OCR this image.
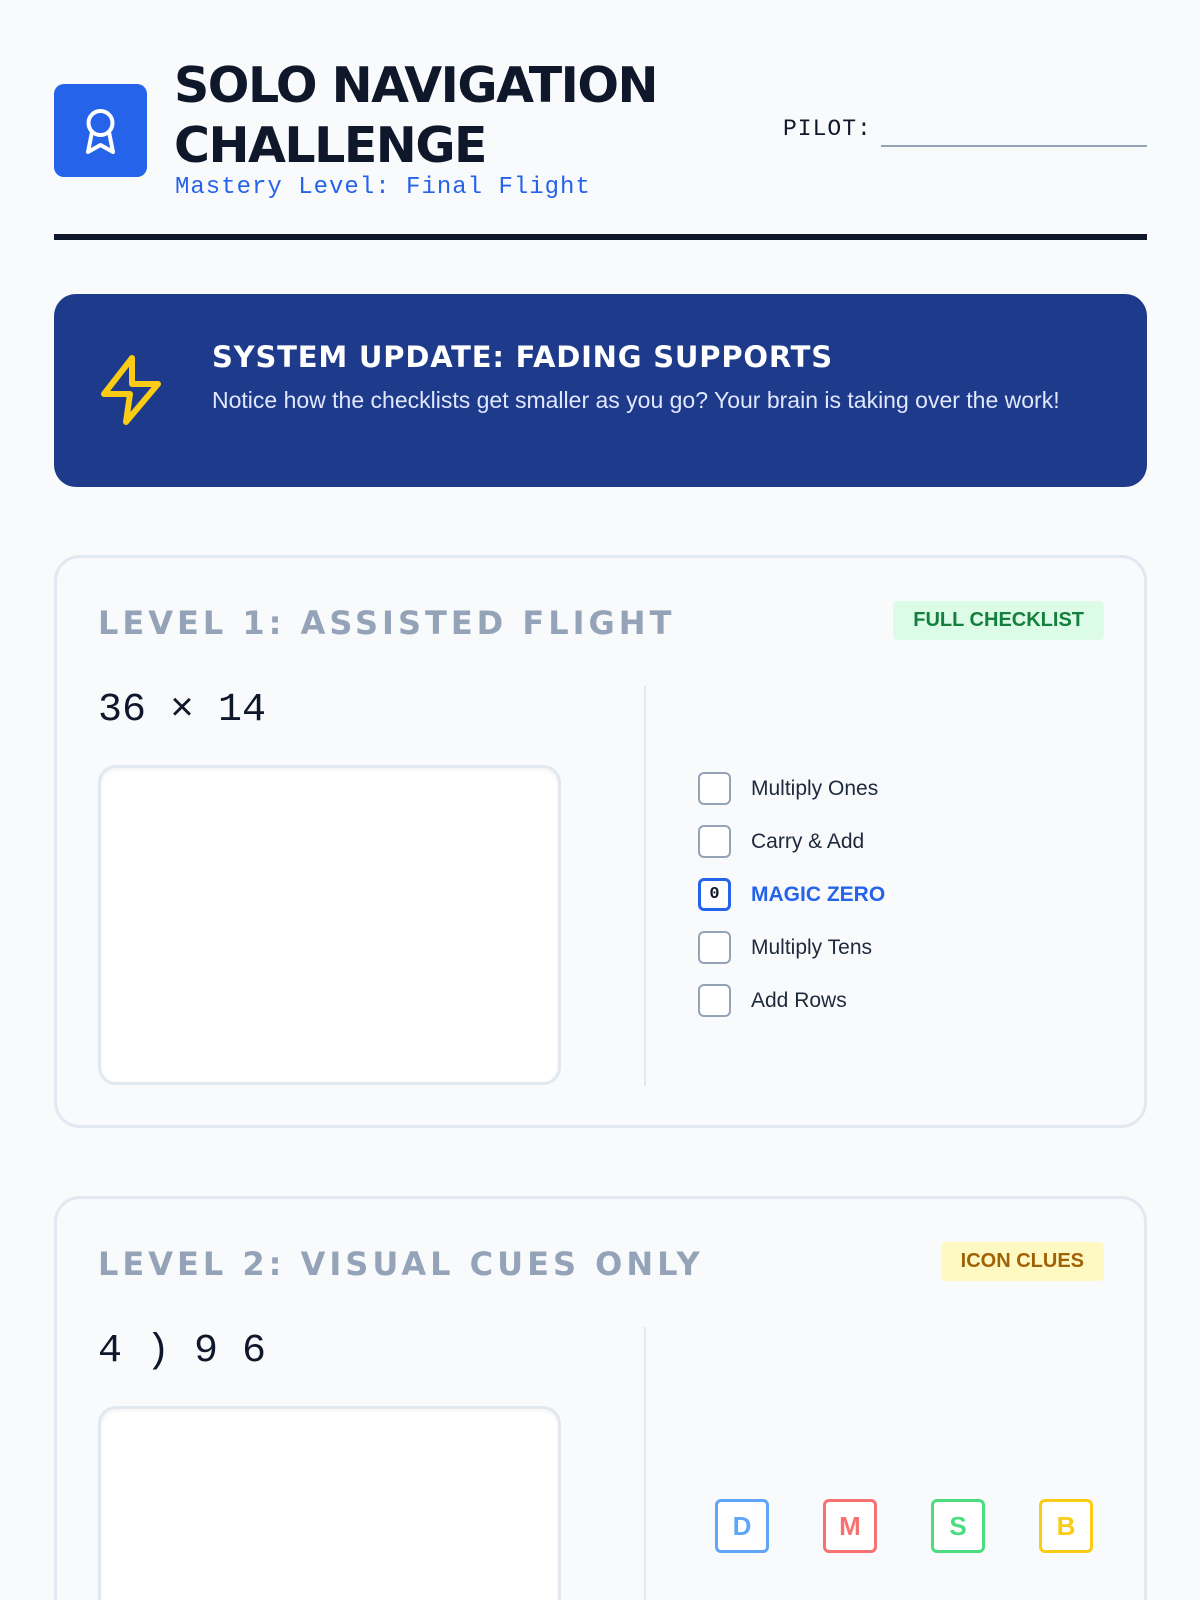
SOLO NAVIGATION
CHALLENGE
Mastery Level: Final Flight
PILOT:
SYSTEM UPDATE: FADING SUPPORTS
Notice how the checklists get smaller as you go? Your brain is taking over the work!
LEVEL 1: ASSISTED FLIGHT	FULL CHECKLIST
36 × 14
Multiply Ones
Carry & Add
0	MAGIC ZERO
Multiply Tens
Add Rows
LEVEL 2: VISUAL CUES ONLY	ICON CLUES
4 ) 9 6
D	M	S	B
